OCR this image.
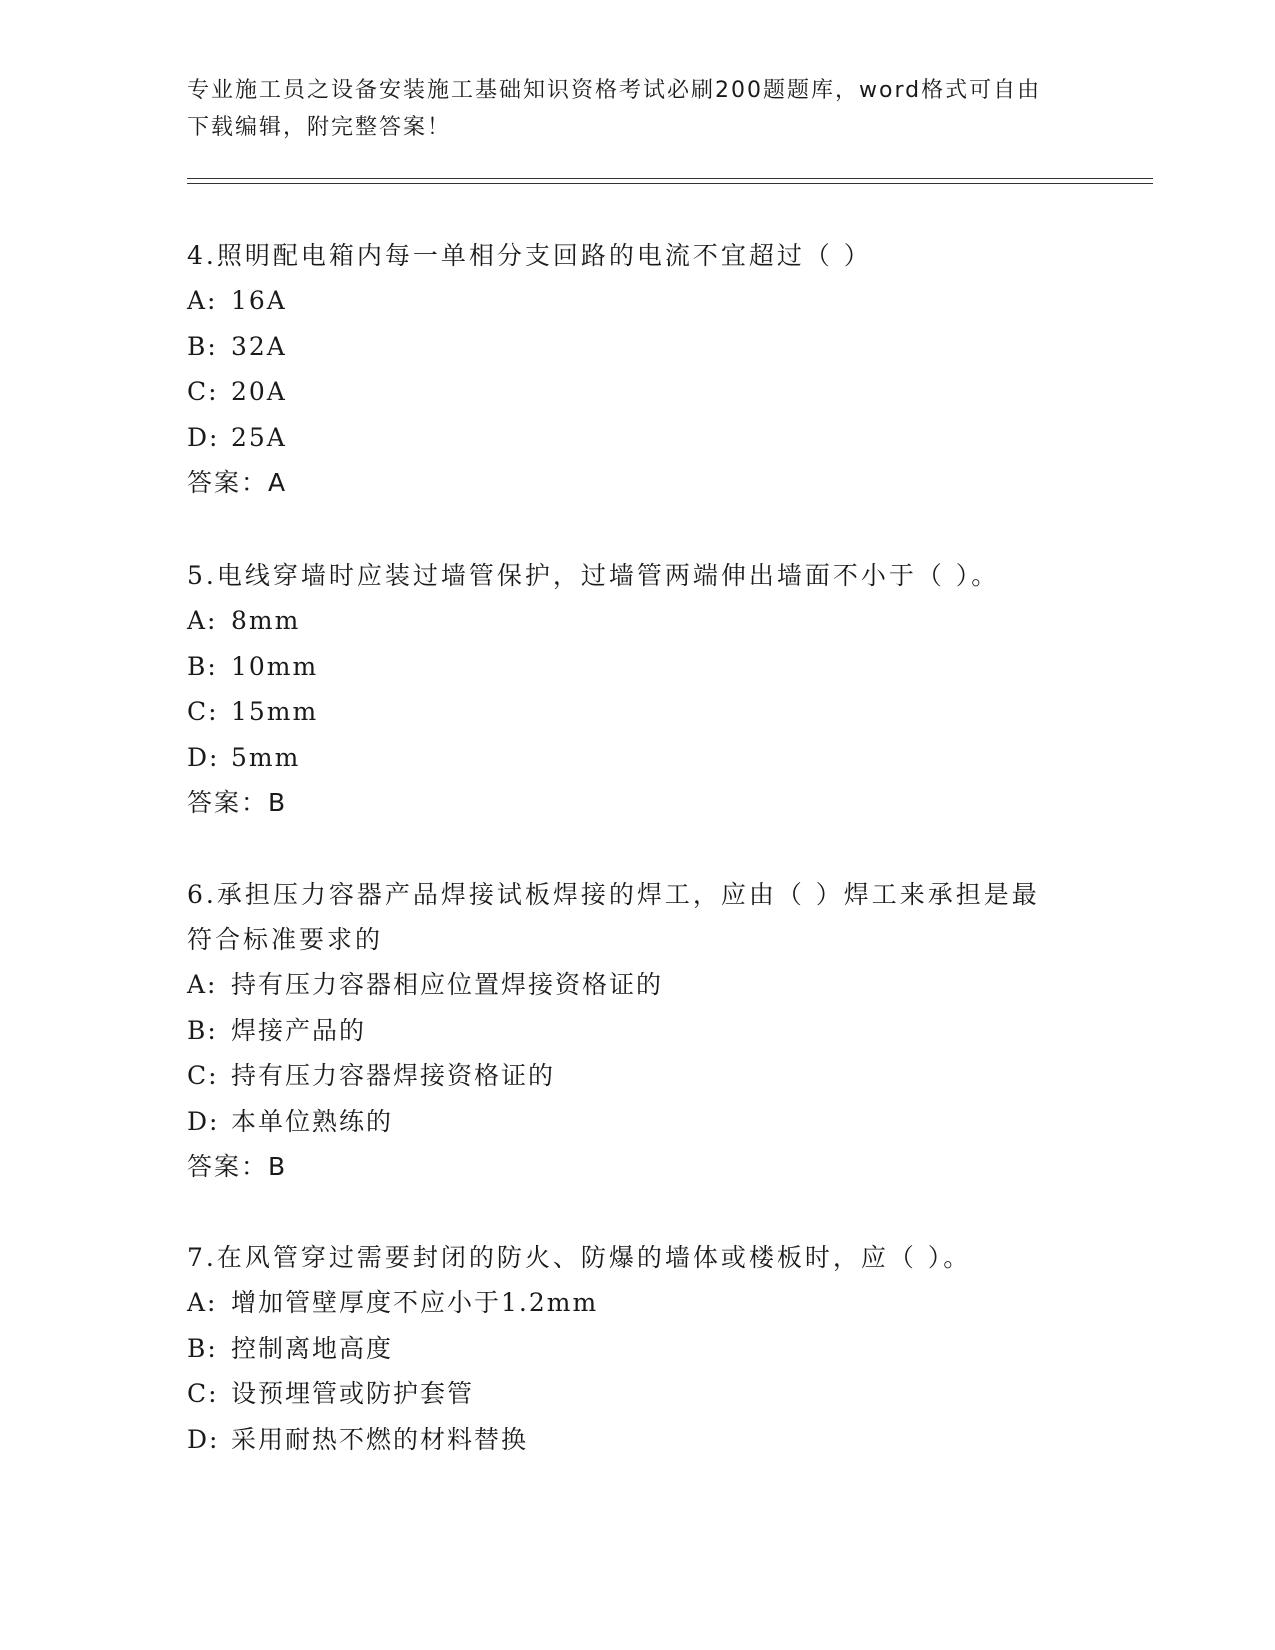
专业施工员之设备安装施工基础知识资格考试必刷200题题库，word格式可自由
下载编辑，附完整答案！

4.照明配电箱内每一单相分支回路的电流不宜超过（ ）

A: 16A

B: 32A

C: 20A

D: 25A

答案：A

5.电线穿墙时应装过墙管保护，过墙管两端伸出墙面不小于（ ）。

A: 8mm

B: 10mm

C: 15mm

D: 5mm

答案：B

6.承担压力容器产品焊接试板焊接的焊工，应由（ ）焊工来承担是最符合标准要求的

A: 持有压力容器相应位置焊接资格证的

B: 焊接产品的

C: 持有压力容器焊接资格证的

D: 本单位熟练的

答案：B

7.在风管穿过需要封闭的防火、防爆的墙体或楼板时，应（ ）。

A: 增加管壁厚度不应小于1.2mm

B: 控制离地高度

C: 设预埋管或防护套管

D: 采用耐热不燃的材料替换
